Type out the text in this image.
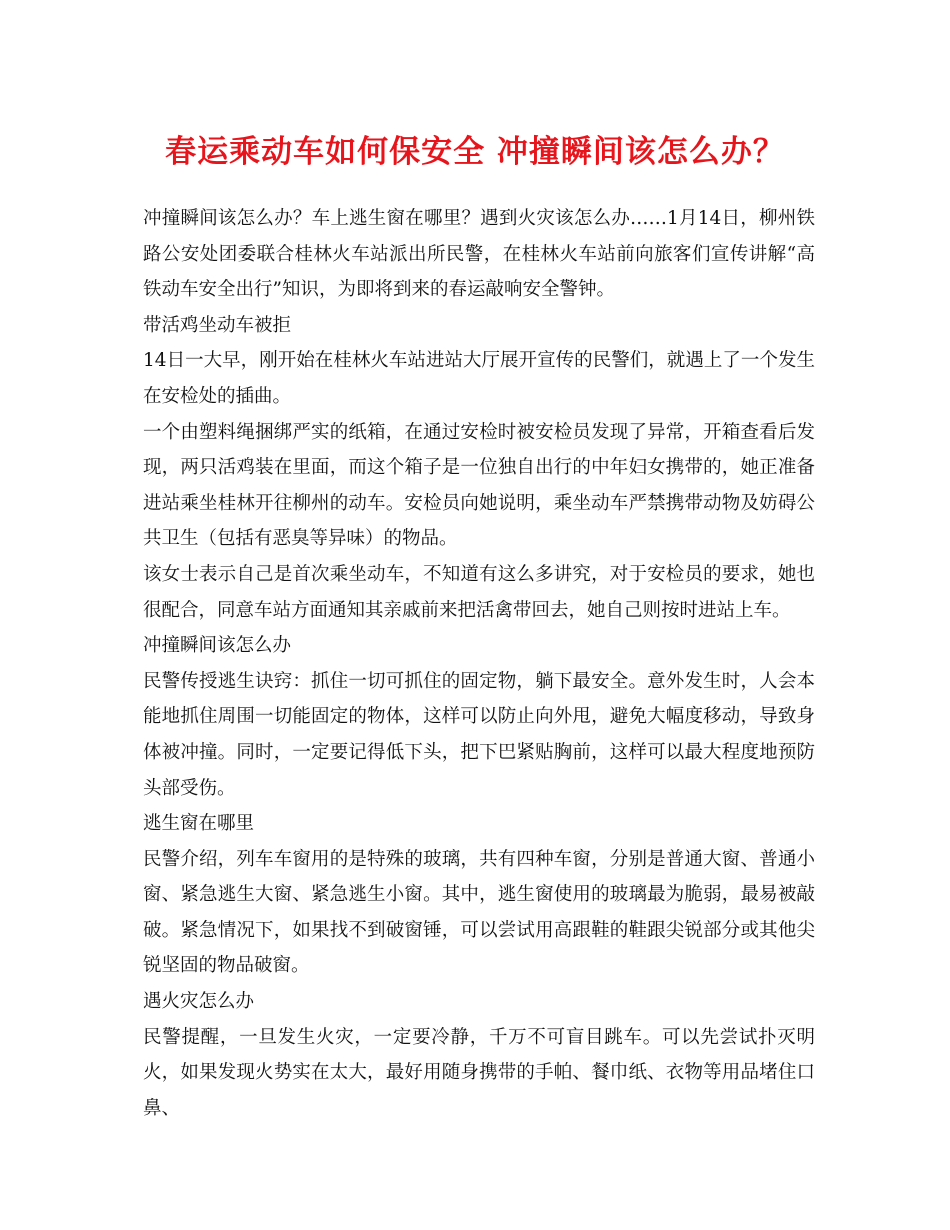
春运乘动车如何保安全 冲撞瞬间该怎么办？

冲撞瞬间该怎么办？车上逃生窗在哪里？遇到火灾该怎么办……1月14日，柳州铁路公安处团委联合桂林火车站派出所民警，在桂林火车站前向旅客们宣传讲解“高铁动车安全出行”知识，为即将到来的春运敲响安全警钟。

带活鸡坐动车被拒

14日一大早，刚开始在桂林火车站进站大厅展开宣传的民警们，就遇上了一个发生在安检处的插曲。

一个由塑料绳捆绑严实的纸箱，在通过安检时被安检员发现了异常，开箱查看后发现，两只活鸡装在里面，而这个箱子是一位独自出行的中年妇女携带的，她正准备进站乘坐桂林开往柳州的动车。安检员向她说明，乘坐动车严禁携带动物及妨碍公共卫生（包括有恶臭等异味）的物品。

该女士表示自己是首次乘坐动车，不知道有这么多讲究，对于安检员的要求，她也很配合，同意车站方面通知其亲戚前来把活禽带回去，她自己则按时进站上车。

冲撞瞬间该怎么办

民警传授逃生诀窍：抓住一切可抓住的固定物，躺下最安全。意外发生时，人会本能地抓住周围一切能固定的物体，这样可以防止向外甩，避免大幅度移动，导致身体被冲撞。同时，一定要记得低下头，把下巴紧贴胸前，这样可以最大程度地预防头部受伤。

逃生窗在哪里

民警介绍，列车车窗用的是特殊的玻璃，共有四种车窗，分别是普通大窗、普通小窗、紧急逃生大窗、紧急逃生小窗。其中，逃生窗使用的玻璃最为脆弱，最易被敲破。紧急情况下，如果找不到破窗锤，可以尝试用高跟鞋的鞋跟尖锐部分或其他尖锐坚固的物品破窗。

遇火灾怎么办

民警提醒，一旦发生火灾，一定要冷静，千万不可盲目跳车。可以先尝试扑灭明火，如果发现火势实在太大，最好用随身携带的手帕、餐巾纸、衣物等用品堵住口鼻、
